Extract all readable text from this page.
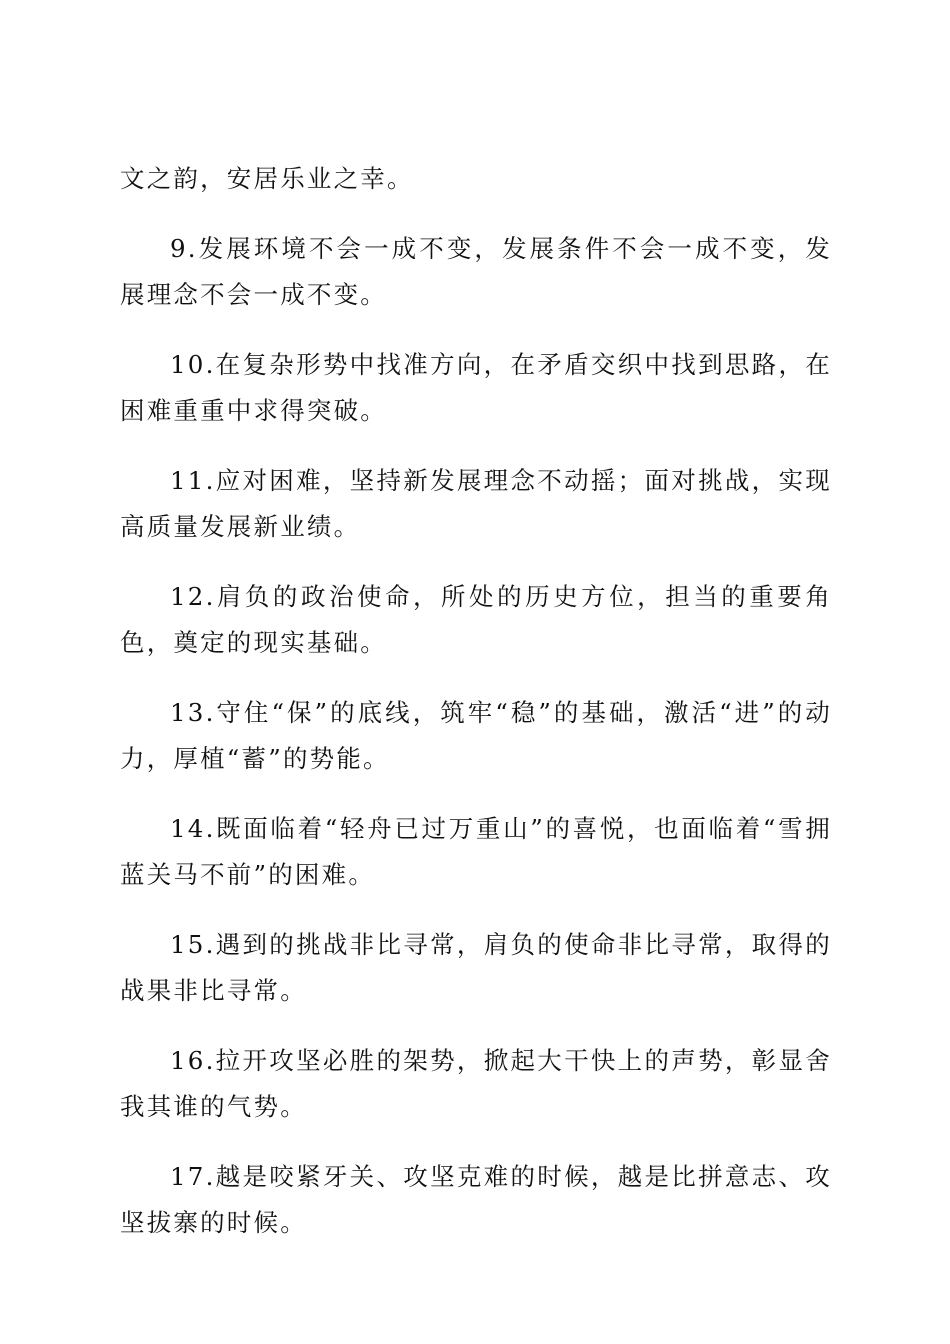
文之韵，安居乐业之幸。

9.发展环境不会一成不变，发展条件不会一成不变，发展理念不会一成不变。

10.在复杂形势中找准方向，在矛盾交织中找到思路，在困难重重中求得突破。

11.应对困难，坚持新发展理念不动摇；面对挑战，实现高质量发展新业绩。

12.肩负的政治使命，所处的历史方位，担当的重要角色，奠定的现实基础。

13.守住“保”的底线，筑牢“稳”的基础，激活“进”的动力，厚植“蓄”的势能。

14.既面临着“轻舟已过万重山”的喜悦，也面临着“雪拥蓝关马不前”的困难。

15.遇到的挑战非比寻常，肩负的使命非比寻常，取得的战果非比寻常。

16.拉开攻坚必胜的架势，掀起大干快上的声势，彰显舍我其谁的气势。

17.越是咬紧牙关、攻坚克难的时候，越是比拼意志、攻坚拔寨的时候。
